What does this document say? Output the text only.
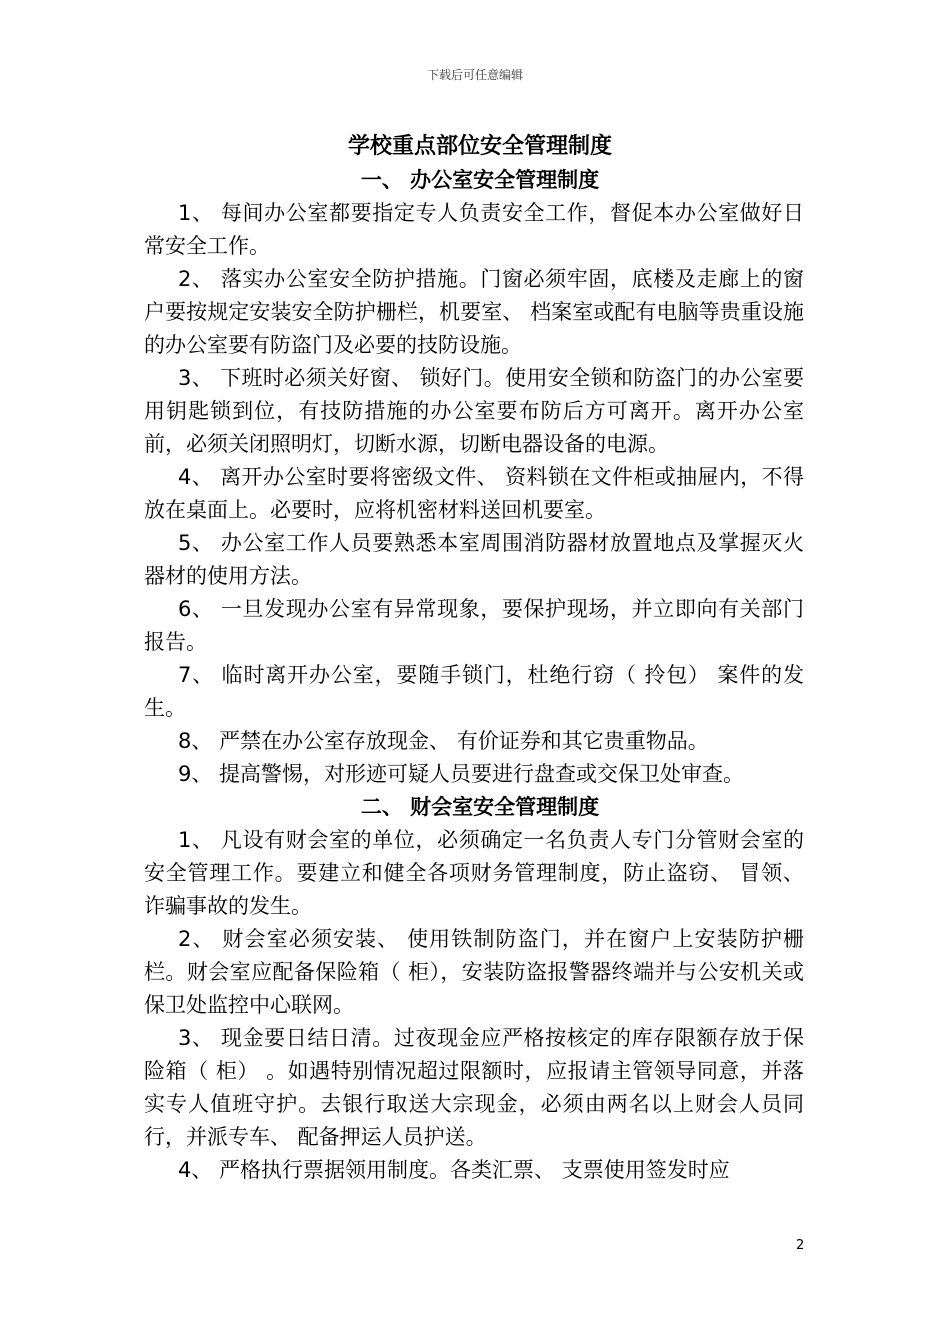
下载后可任意编辑
学校重点部位安全管理制度
一、 办公室安全管理制度

1、 每间办公室都要指定专人负责安全工作，督促本办公室做好日常安全工作。

2、 落实办公室安全防护措施。门窗必须牢固，底楼及走廊上的窗户要按规定安装安全防护栅栏，机要室、 档案室或配有电脑等贵重设施的办公室要有防盗门及必要的技防设施。

3、 下班时必须关好窗、 锁好门。使用安全锁和防盗门的办公室要用钥匙锁到位，有技防措施的办公室要布防后方可离开。离开办公室前，必须关闭照明灯，切断水源，切断电器设备的电源。

4、 离开办公室时要将密级文件、 资料锁在文件柜或抽屉内，不得放在桌面上。必要时，应将机密材料送回机要室。

5、 办公室工作人员要熟悉本室周围消防器材放置地点及掌握灭火器材的使用方法。

6、 一旦发现办公室有异常现象，要保护现场，并立即向有关部门报告。

7、 临时离开办公室，要随手锁门，杜绝行窃（ 拎包） 案件的发生。

8、 严禁在办公室存放现金、 有价证券和其它贵重物品。

9、 提高警惕，对形迹可疑人员要进行盘查或交保卫处审查。

二、 财会室安全管理制度

1、 凡设有财会室的单位，必须确定一名负责人专门分管财会室的安全管理工作。要建立和健全各项财务管理制度，防止盗窃、 冒领、 诈骗事故的发生。

2、 财会室必须安装、 使用铁制防盗门，并在窗户上安装防护栅栏。财会室应配备保险箱（ 柜），安装防盗报警器终端并与公安机关或保卫处监控中心联网。

3、 现金要日结日清。过夜现金应严格按核定的库存限额存放于保险箱（ 柜） 。如遇特别情况超过限额时，应报请主管领导同意，并落实专人值班守护。去银行取送大宗现金，必须由两名以上财会人员同行，并派专车、 配备押运人员护送。

4、 严格执行票据领用制度。各类汇票、 支票使用签发时应

2
